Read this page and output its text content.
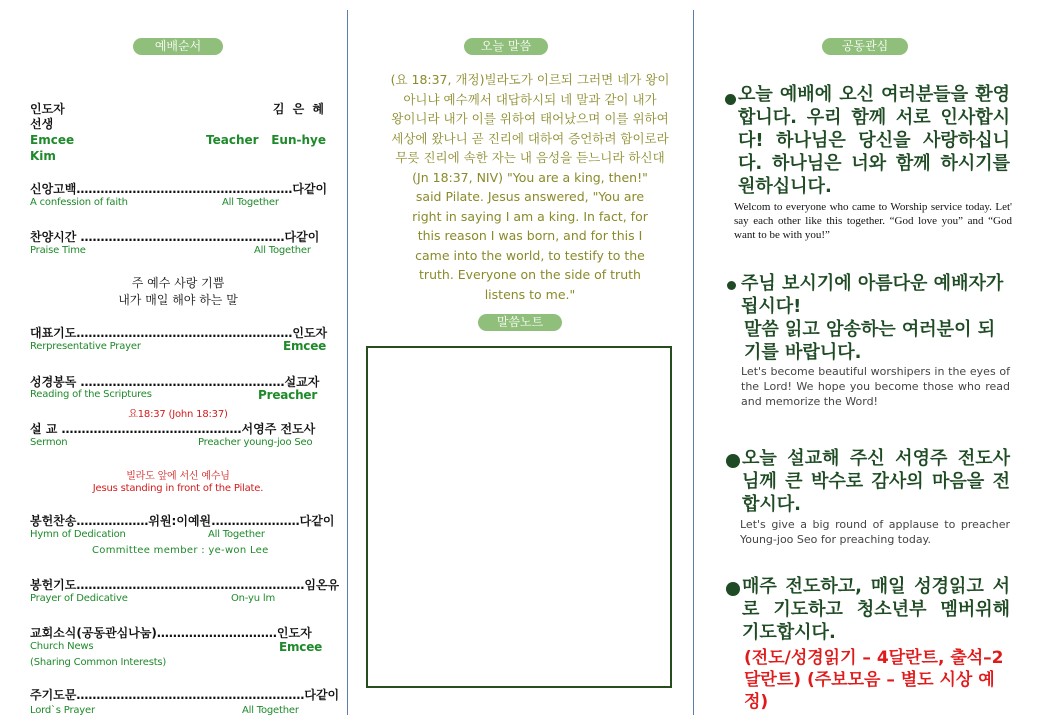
예배순서
인도자	김 은 혜
선생
Emcee	Teacher Eun-hye
Kim
신앙고백………………………………………………다같이
A confession of faith	All Together
찬양시간 ……………………………………………다같이
Praise Time	All Together
주 예수 사랑 기쁨
내가 매일 해야 하는 말
대표기도………………………………………………인도자
Rerpresentative Prayer	Emcee
성경봉독 ……………………………………………설교자
Reading of the Scriptures	Preacher
요18:37 (John 18:37)
설 교 ………………………………………서영주 전도사
Sermon	Preacher young-joo Seo
빌라도 앞에 서신 예수님
Jesus standing in front of the Pilate.
봉헌찬송………………위원:이예원.…………………다같이
Hymn of Dedication	All Together
Committee member : ye-won Lee
봉헌기도…………………………………………………임온유
Prayer of Dedicative	On-yu lm
교회소식(공동관심나눔)…………………………인도자
Church News	Emcee
(Sharing Common Interests)
주기도문…………………………………………………다같이
Lord`s Prayer	All Together
오늘 말씀
(요 18:37, 개정)빌라도가 이르되 그러면 네가 왕이
아니냐 예수께서 대답하시되 네 말과 같이 내가
왕이니라 내가 이를 위하여 태어났으며 이를 위하여
세상에 왔나니 곧 진리에 대하여 증언하려 함이로라
무릇 진리에 속한 자는 내 음성을 듣느니라 하신대
(Jn 18:37, NIV) "You are a king, then!"
said Pilate. Jesus answered, "You are
right in saying I am a king. In fact, for
this reason I was born, and for this I
came into the world, to testify to the
truth. Everyone on the side of truth
listens to me."
말씀노트
공동관심
오늘 예배에 오신 여러분들을 환영합니다. 우리 함께 서로 인사합시다! 하나님은 당신을 사랑하십니다. 하나님은 너와 함께 하시기를 원하십니다.
Welcom to everyone who came to Worship service today. Let' say each other like this together. “God love you” and “God want to be with you!”
주님 보시기에 아름다운 예배자가 됩시다!
말씀 읽고 암송하는 여러분이 되기를 바랍니다.
Let's become beautiful worshipers in the eyes of the Lord! We hope you become those who read and memorize the Word!
오늘 설교해 주신 서영주 전도사님께 큰 박수로 감사의 마음을 전합시다.
Let's give a big round of applause to preacher Young-joo Seo for preaching today.
매주 전도하고, 매일 성경읽고 서로 기도하고 청소년부 멤버위해 기도합시다.
(전도/성경읽기 – 4달란트, 출석–2달란트) (주보모음 – 별도 시상 예정)
